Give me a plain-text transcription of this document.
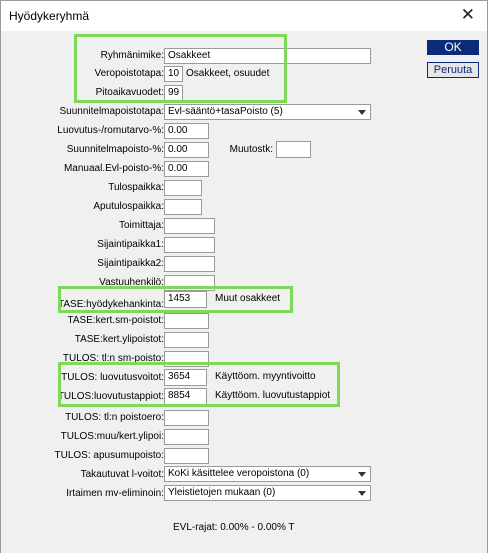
Hyödykeryhmä	✕
OK
Peruuta
Ryhmänimike: Osakkeet
Veropoistotapa: 10 Osakkeet, osuudet
Pitoaikavuodet: 99
Suunnitelmapoistotapa: Evl-sääntö+tasaPoisto (5)
Luovutus-/romutarvo-%: 0.00
Suunnitelmapoisto-%: 0.00	Muutostk:
Manuaal.Evl-poisto-%: 0.00
Tulospaikka:
Aputulospaikka:
Toimittaja:
Sijaintipaikka1:
Sijaintipaikka2:
Vastuuhenkilö:
TASE:hyödykehankinta:
1453	Muut osakkeet
TASE:kert.sm-poistot:
TASE:kert.ylipoistot:
TULOS: tl:n sm-poisto:
TULOS: luovutusvoitot: 3654	Käyttöom. myyntivoitto
TULOS:luovutustappiot: 8854	Käyttöom. luovutustappiot
TULOS: tl:n poistoero:
TULOS:muu/kert.ylipoi:
TULOS: apusumupoisto:
Takautuvat l-voitot: KoKi käsittelee veropoistona (0)
Irtaimen mv-eliminoin: Yleistietojen mukaan (0)
EVL-rajat: 0.00% - 0.00% T
